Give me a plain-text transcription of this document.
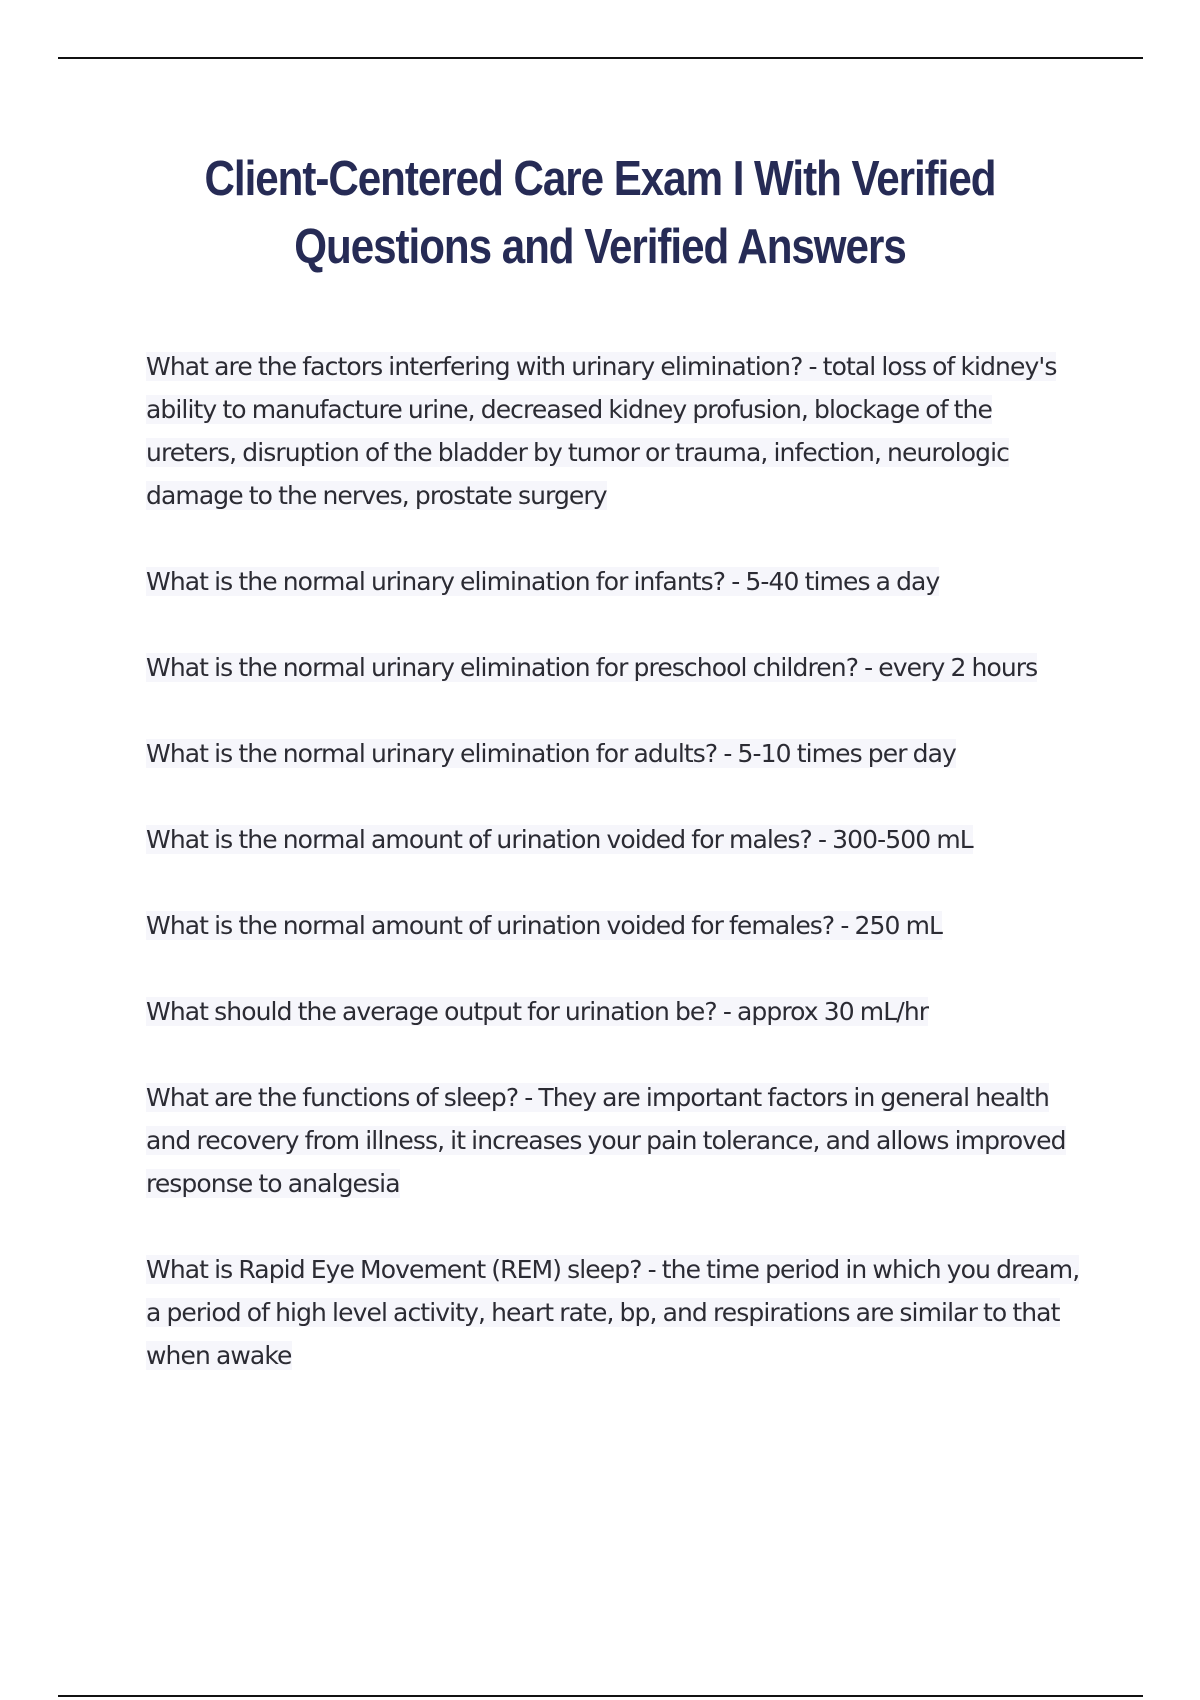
Client-Centered Care Exam I With Verified
Questions and Verified Answers
What are the factors interfering with urinary elimination? - total loss of kidney's ability to manufacture urine, decreased kidney profusion, blockage of the ureters, disruption of the bladder by tumor or trauma, infection, neurologic damage to the nerves, prostate surgery What is the normal urinary elimination for infants? - 5-40 times a day What is the normal urinary elimination for preschool children? - every 2 hours What is the normal urinary elimination for adults? - 5-10 times per day What is the normal amount of urination voided for males? - 300-500 mL What is the normal amount of urination voided for females? - 250 mL What should the average output for urination be? - approx 30 mL/hr What are the functions of sleep? - They are important factors in general health and recovery from illness, it increases your pain tolerance, and allows improved response to analgesia What is Rapid Eye Movement (REM) sleep? - the time period in which you dream, a period of high level activity, heart rate, bp, and respirations are similar to that when awake
